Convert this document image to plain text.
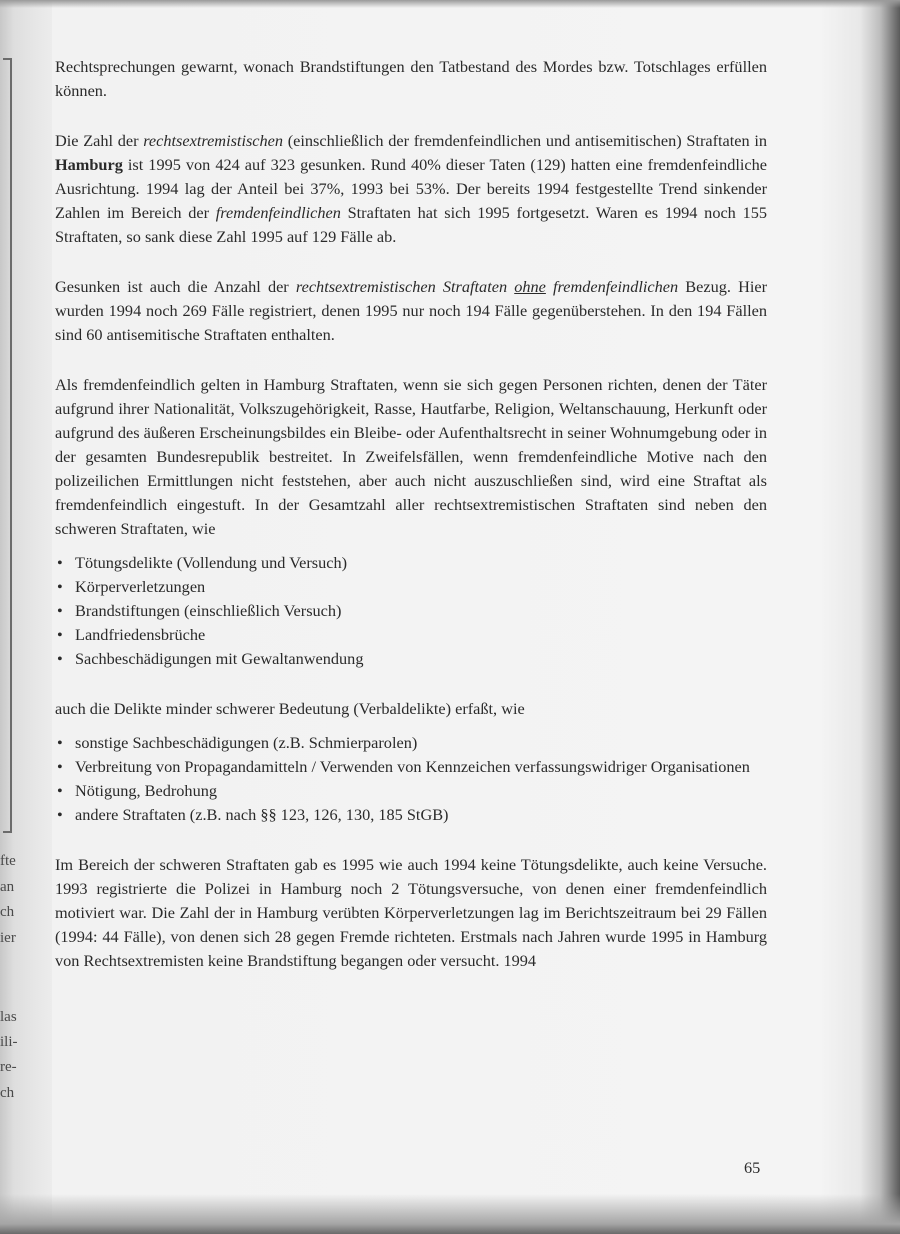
fte
an
ch
ier
las
ili-
re-
ch

Rechtsprechungen gewarnt, wonach Brandstiftungen den Tatbestand des Mordes bzw. Totschlages erfüllen können.

Die Zahl der rechtsextremistischen (einschließlich der fremdenfeindlichen und antisemitischen) Straftaten in Hamburg ist 1995 von 424 auf 323 gesunken. Rund 40% dieser Taten (129) hatten eine fremdenfeindliche Ausrichtung. 1994 lag der Anteil bei 37%, 1993 bei 53%. Der bereits 1994 festgestellte Trend sinkender Zahlen im Bereich der fremdenfeindlichen Straftaten hat sich 1995 fortgesetzt. Waren es 1994 noch 155 Straftaten, so sank diese Zahl 1995 auf 129 Fälle ab.

Gesunken ist auch die Anzahl der rechtsextremistischen Straftaten ohne fremdenfeindlichen Bezug. Hier wurden 1994 noch 269 Fälle registriert, denen 1995 nur noch 194 Fälle gegenüberstehen. In den 194 Fällen sind 60 antisemitische Straftaten enthalten.

Als fremdenfeindlich gelten in Hamburg Straftaten, wenn sie sich gegen Personen richten, denen der Täter aufgrund ihrer Nationalität, Volkszugehörigkeit, Rasse, Hautfarbe, Religion, Weltanschauung, Herkunft oder aufgrund des äußeren Erscheinungsbildes ein Bleibe- oder Aufenthaltsrecht in seiner Wohnumgebung oder in der gesamten Bundesrepublik bestreitet. In Zweifelsfällen, wenn fremdenfeindliche Motive nach den polizeilichen Ermittlungen nicht feststehen, aber auch nicht auszuschließen sind, wird eine Straftat als fremdenfeindlich eingestuft. In der Gesamtzahl aller rechtsextremistischen Straftaten sind neben den schweren Straftaten, wie

• Tötungsdelikte (Vollendung und Versuch)
• Körperverletzungen
• Brandstiftungen (einschließlich Versuch)
• Landfriedensbrüche
• Sachbeschädigungen mit Gewaltanwendung

auch die Delikte minder schwerer Bedeutung (Verbaldelikte) erfaßt, wie

• sonstige Sachbeschädigungen (z.B. Schmierparolen)
• Verbreitung von Propagandamitteln / Verwenden von Kennzeichen verfassungswidriger Organisationen
• Nötigung, Bedrohung
• andere Straftaten (z.B. nach §§ 123, 126, 130, 185 StGB)

Im Bereich der schweren Straftaten gab es 1995 wie auch 1994 keine Tötungsdelikte, auch keine Versuche. 1993 registrierte die Polizei in Hamburg noch 2 Tötungsversuche, von denen einer fremdenfeindlich motiviert war. Die Zahl der in Hamburg verübten Körperverletzungen lag im Berichtszeitraum bei 29 Fällen (1994: 44 Fälle), von denen sich 28 gegen Fremde richteten. Erstmals nach Jahren wurde 1995 in Hamburg von Rechtsextremisten keine Brandstiftung begangen oder versucht. 1994

65
